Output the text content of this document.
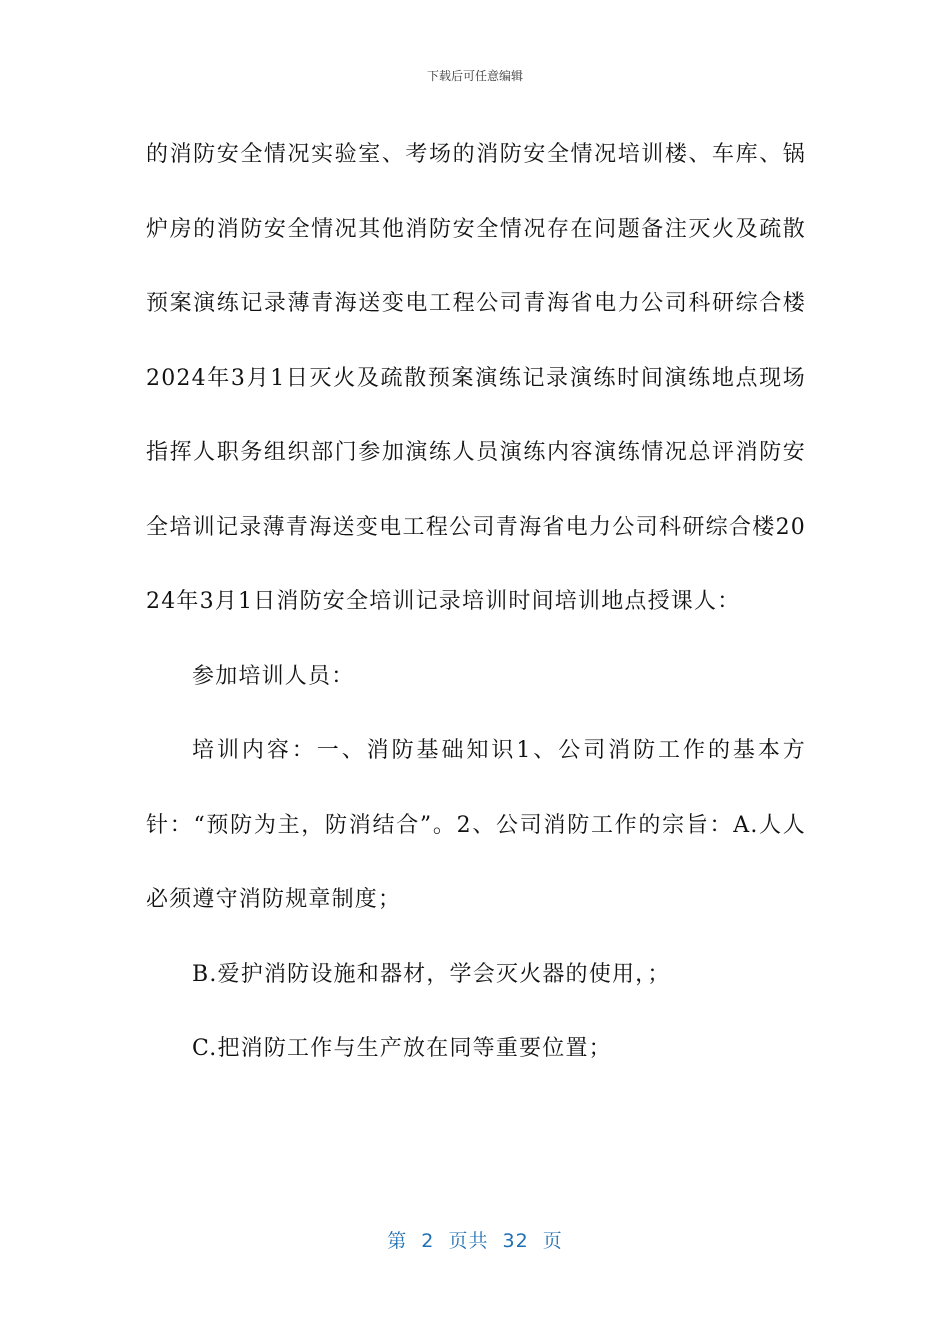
下载后可任意编辑

的消防安全情况实验室、考场的消防安全情况培训楼、车库、锅炉房的消防安全情况其他消防安全情况存在问题备注灭火及疏散预案演练记录薄青海送变电工程公司青海省电力公司科研综合楼2024年3月1日灭火及疏散预案演练记录演练时间演练地点现场指挥人职务组织部门参加演练人员演练内容演练情况总评消防安全培训记录薄青海送变电工程公司青海省电力公司科研综合楼2024年3月1日消防安全培训记录培训时间培训地点授课人：

参加培训人员：

培训内容：一、消防基础知识1、公司消防工作的基本方针：“预防为主，防消结合”。2、公司消防工作的宗旨：A.人人必须遵守消防规章制度；

B.爱护消防设施和器材，学会灭火器的使用，；

C.把消防工作与生产放在同等重要位置；

第  2  页共  32  页
